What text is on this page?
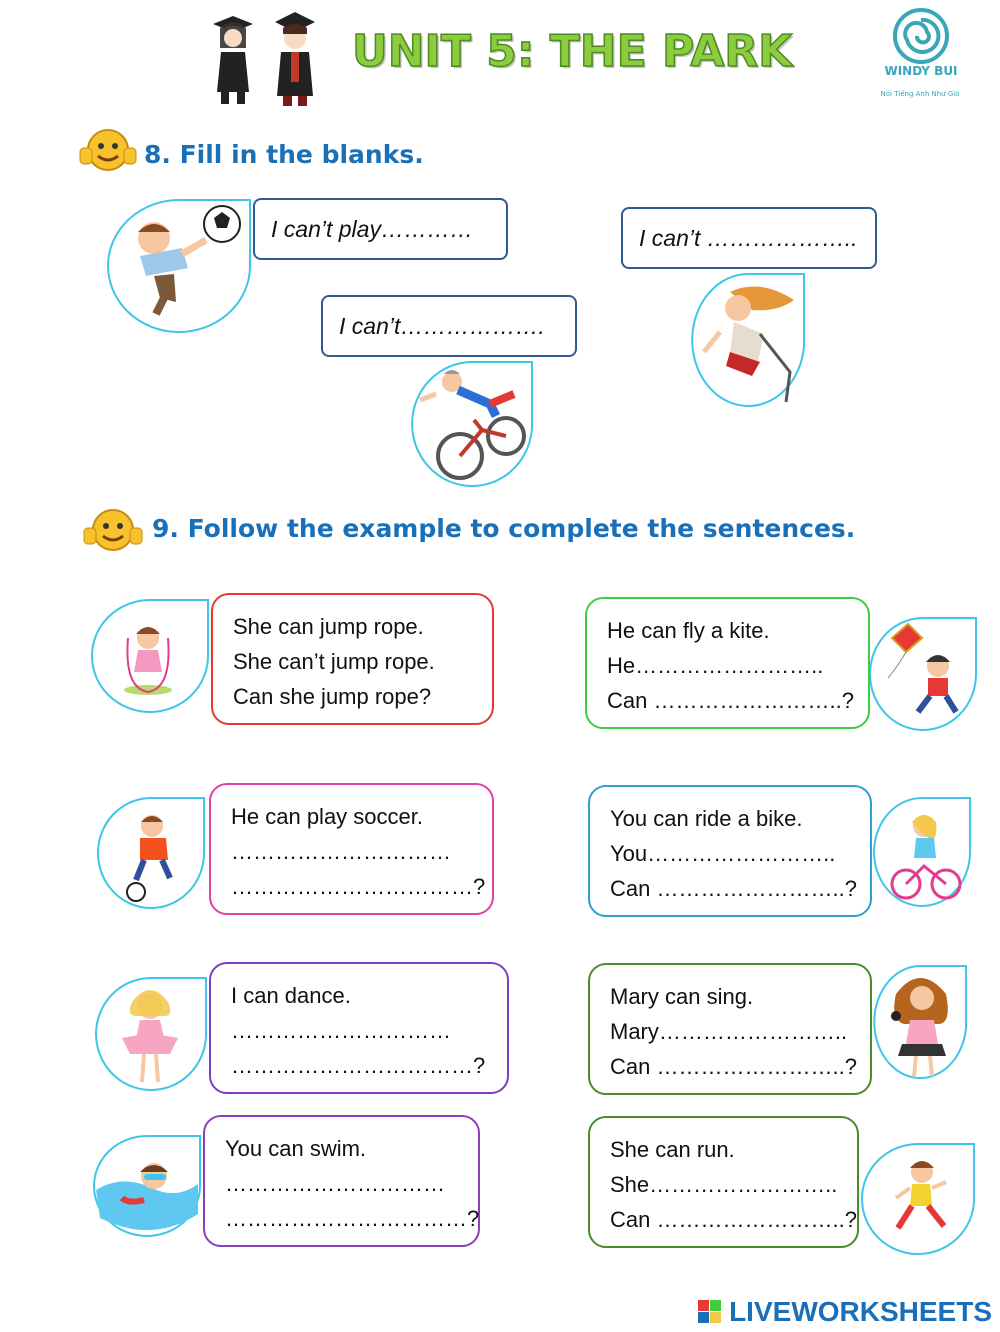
UNIT 5: THE PARK	WINDY BUI
Nói Tiếng Anh Như Gió
8. Fill in the blanks.
I can’t play…………
I can’t……………….
I can’t ………………..
9. Follow the example to complete the sentences.
She can jump rope.
She can’t jump rope.
Can she jump rope?
He can play soccer.
…………………………
……………………………?
I can dance.
…………………………
……………………………?
You can swim.
…………………………
……………………………?
He can fly a kite.
He……………………..
Can ……………………..?
You can ride a bike.
You……………………..
Can ……………………..?
Mary can sing.
Mary……………………..
Can ……………………..?
She can run.
She……………………..
Can ……………………..?
LIVEWORKSHEETS
